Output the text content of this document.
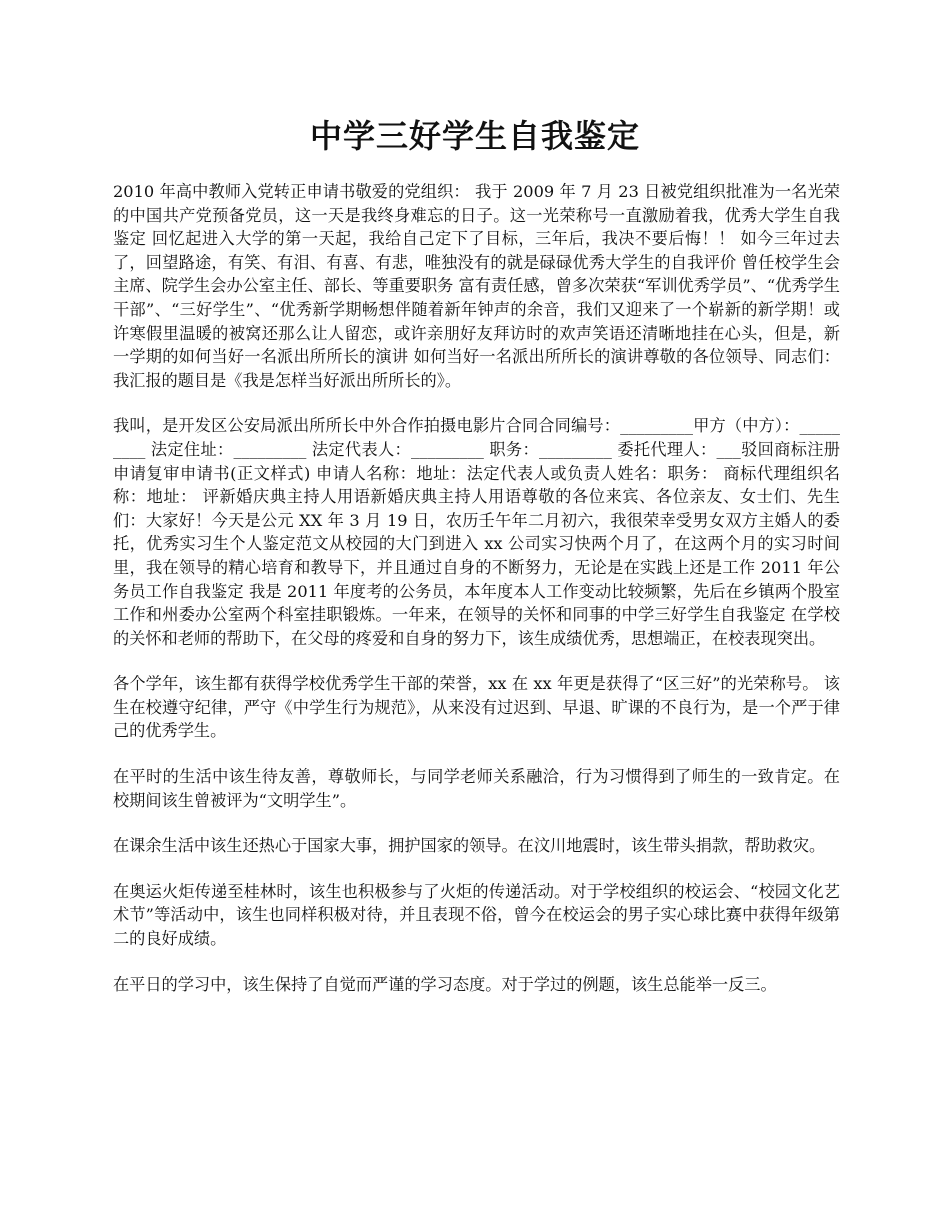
中学三好学生自我鉴定

2010 年高中教师入党转正申请书敬爱的党组织： 我于 2009 年 7 月 23 日被党组织批准为一名光荣的中国共产党预备党员，这一天是我终身难忘的日子。这一光荣称号一直激励着我，优秀大学生自我鉴定 回忆起进入大学的第一天起，我给自己定下了目标，三年后，我决不要后悔！！ 如今三年过去了，回望路途，有笑、有泪、有喜、有悲，唯独没有的就是碌碌优秀大学生的自我评价 曾任校学生会主席、院学生会办公室主任、部长、等重要职务 富有责任感，曾多次荣获“军训优秀学员”、“优秀学生干部”、“三好学生”、“优秀新学期畅想伴随着新年钟声的余音，我们又迎来了一个崭新的新学期！或许寒假里温暖的被窝还那么让人留恋，或许亲朋好友拜访时的欢声笑语还清晰地挂在心头，但是，新一学期的如何当好一名派出所所长的演讲 如何当好一名派出所所长的演讲尊敬的各位领导、同志们： 我汇报的题目是《我是怎样当好派出所所长的》。

我叫，是开发区公安局派出所所长中外合作拍摄电影片合同合同编号：_________甲方（中方）：_________ 法定住址：_________ 法定代表人：_________ 职务：_________ 委托代理人：___驳回商标注册申请复审申请书(正文样式) 申请人名称：地址：法定代表人或负责人姓名：职务： 商标代理组织名称：地址： 评新婚庆典主持人用语新婚庆典主持人用语尊敬的各位来宾、各位亲友、女士们、先生们：大家好！今天是公元 XX 年 3 月 19 日，农历壬午年二月初六，我很荣幸受男女双方主婚人的委托，优秀实习生个人鉴定范文从校园的大门到进入 xx 公司实习快两个月了，在这两个月的实习时间里，我在领导的精心培育和教导下，并且通过自身的不断努力，无论是在实践上还是工作 2011 年公务员工作自我鉴定 我是 2011 年度考的公务员，本年度本人工作变动比较频繁，先后在乡镇两个股室工作和州委办公室两个科室挂职锻炼。一年来，在领导的关怀和同事的中学三好学生自我鉴定 在学校的关怀和老师的帮助下，在父母的疼爱和自身的努力下，该生成绩优秀，思想端正，在校表现突出。

各个学年，该生都有获得学校优秀学生干部的荣誉，xx 在 xx 年更是获得了“区三好”的光荣称号。 该生在校遵守纪律，严守《中学生行为规范》，从来没有过迟到、早退、旷课的不良行为，是一个严于律己的优秀学生。

在平时的生活中该生待友善，尊敬师长，与同学老师关系融洽，行为习惯得到了师生的一致肯定。在校期间该生曾被评为“文明学生”。

在课余生活中该生还热心于国家大事，拥护国家的领导。在汶川地震时，该生带头捐款，帮助救灾。

在奥运火炬传递至桂林时，该生也积极参与了火炬的传递活动。对于学校组织的校运会、“校园文化艺术节”等活动中，该生也同样积极对待，并且表现不俗，曾今在校运会的男子实心球比赛中获得年级第二的良好成绩。

在平日的学习中，该生保持了自觉而严谨的学习态度。对于学过的例题，该生总能举一反三。
